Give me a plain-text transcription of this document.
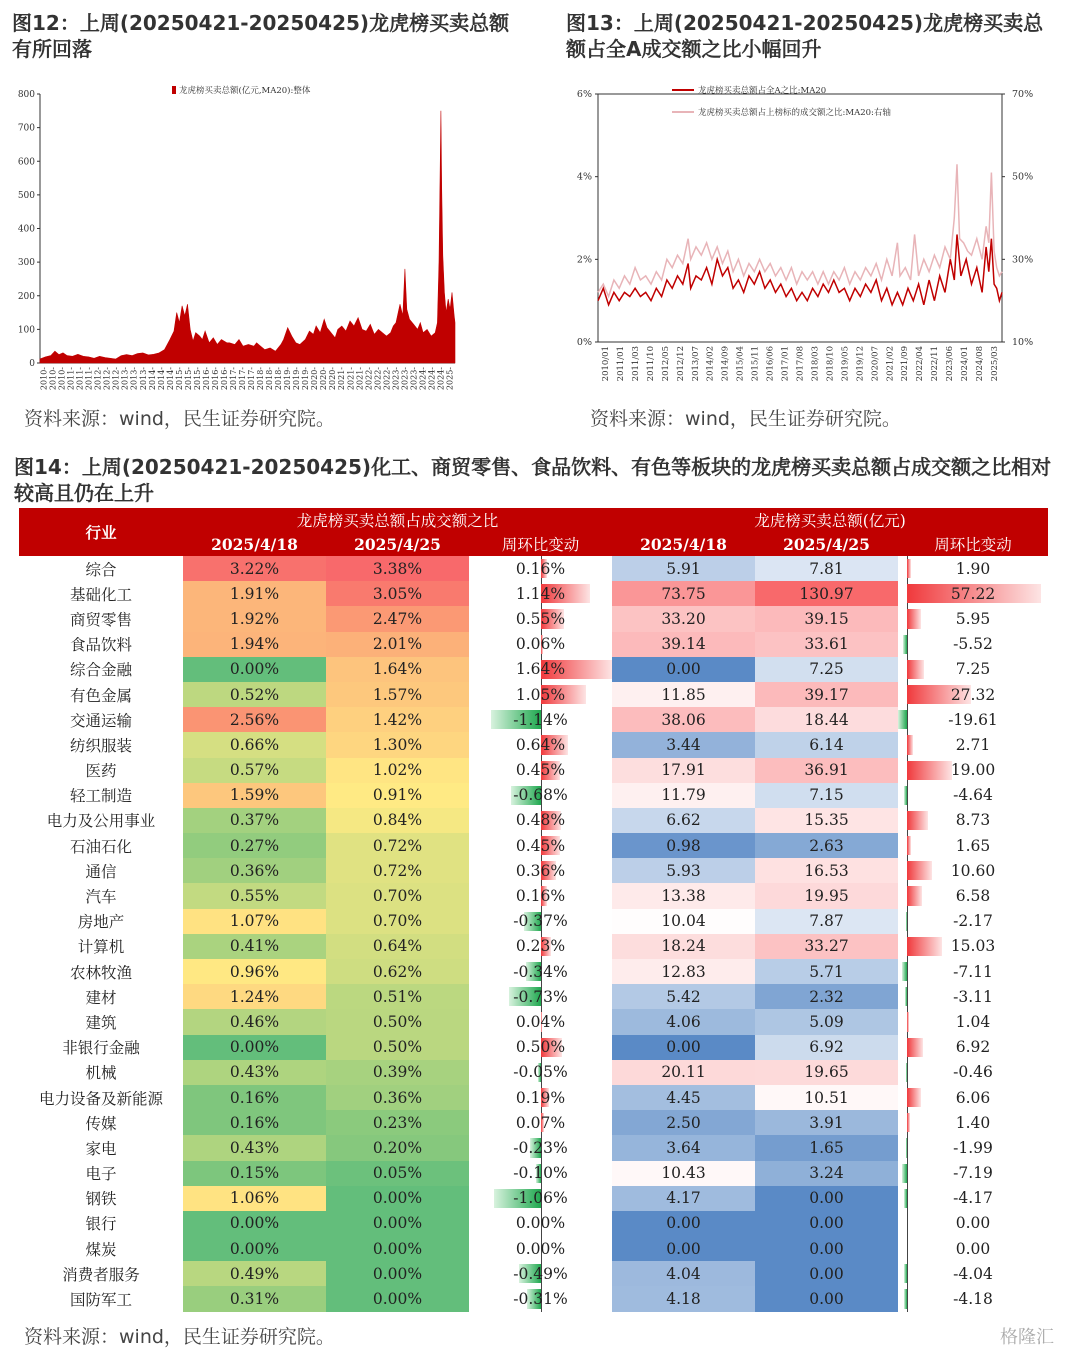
图12：上周(20250421-20250425)龙虎榜买卖总额有所回落
0
100
200
300
400
500
600
700
800
2010- 2010- 2010- 2011- 2011- 2011- 2012- 2012- 2012- 2013- 2013- 2013- 2014- 2014- 2014- 2015- 2015- 2015- 2016- 2016- 2016- 2017- 2017- 2017- 2018- 2018- 2018- 2019- 2019- 2019- 2020- 2020- 2020- 2021- 2021- 2021- 2022- 2022- 2022- 2023- 2023- 2023- 2024- 2024- 2024- 2025-
龙虎榜买卖总额(亿元,MA20):整体
资料来源：wind，民生证券研究院。
图13：上周(20250421-20250425)龙虎榜买卖总额占全A成交额之比小幅回升
0%
2%
4%
6%
10%
30%
50%
70%
2010/01 2011/01 2011/03 2011/10 2012/05 2012/12 2013/07 2014/02 2014/09 2015/04 2015/11 2016/06 2017/01 2017/08 2018/03 2018/10 2019/05 2019/12 2020/07 2021/02 2021/09 2022/04 2022/11 2023/06 2024/01 2024/08 2025/03
龙虎榜买卖总额占全A之比:MA20
龙虎榜买卖总额占上榜标的成交额之比:MA20:右轴
资料来源：wind，民生证券研究院。
图14：上周(20250421-20250425)化工、商贸零售、食品饮料、有色等板块的龙虎榜买卖总额占成交额之比相对较高且仍在上升
行业	龙虎榜买卖总额占成交额之比			龙虎榜买卖总额(亿元)		
	2025/4/18	2025/4/25	周环比变动	2025/4/18	2025/4/25	周环比变动
综合	3.22%	3.38%	0.16%	5.91	7.81	1.90
基础化工	1.91%	3.05%	1.14%	73.75	130.97	57.22
商贸零售	1.92%	2.47%	0.55%	33.20	39.15	5.95
食品饮料	1.94%	2.01%	0.06%	39.14	33.61	-5.52
综合金融	0.00%	1.64%	1.64%	0.00	7.25	7.25
有色金属	0.52%	1.57%	1.05%	11.85	39.17	27.32
交通运输	2.56%	1.42%	-1.14%	38.06	18.44	-19.61
纺织服装	0.66%	1.30%	0.64%	3.44	6.14	2.71
医药	0.57%	1.02%	0.45%	17.91	36.91	19.00
轻工制造	1.59%	0.91%	-0.68%	11.79	7.15	-4.64
电力及公用事业	0.37%	0.84%	0.48%	6.62	15.35	8.73
石油石化	0.27%	0.72%	0.45%	0.98	2.63	1.65
通信	0.36%	0.72%	0.36%	5.93	16.53	10.60
汽车	0.55%	0.70%	0.16%	13.38	19.95	6.58
房地产	1.07%	0.70%	-0.37%	10.04	7.87	-2.17
计算机	0.41%	0.64%	0.23%	18.24	33.27	15.03
农林牧渔	0.96%	0.62%	-0.34%	12.83	5.71	-7.11
建材	1.24%	0.51%	-0.73%	5.42	2.32	-3.11
建筑	0.46%	0.50%	0.04%	4.06	5.09	1.04
非银行金融	0.00%	0.50%	0.50%	0.00	6.92	6.92
机械	0.43%	0.39%	-0.05%	20.11	19.65	-0.46
电力设备及新能源	0.16%	0.36%	0.19%	4.45	10.51	6.06
传媒	0.16%	0.23%	0.07%	2.50	3.91	1.40
家电	0.43%	0.20%	-0.23%	3.64	1.65	-1.99
电子	0.15%	0.05%	-0.10%	10.43	3.24	-7.19
钢铁	1.06%	0.00%	-1.06%	4.17	0.00	-4.17
银行	0.00%	0.00%	0.00%	0.00	0.00	0.00
煤炭	0.00%	0.00%	0.00%	0.00	0.00	0.00
消费者服务	0.49%	0.00%	-0.49%	4.04	0.00	-4.04
国防军工	0.31%	0.00%	-0.31%	4.18	0.00	-4.18
资料来源：wind，民生证券研究院。	格隆汇
